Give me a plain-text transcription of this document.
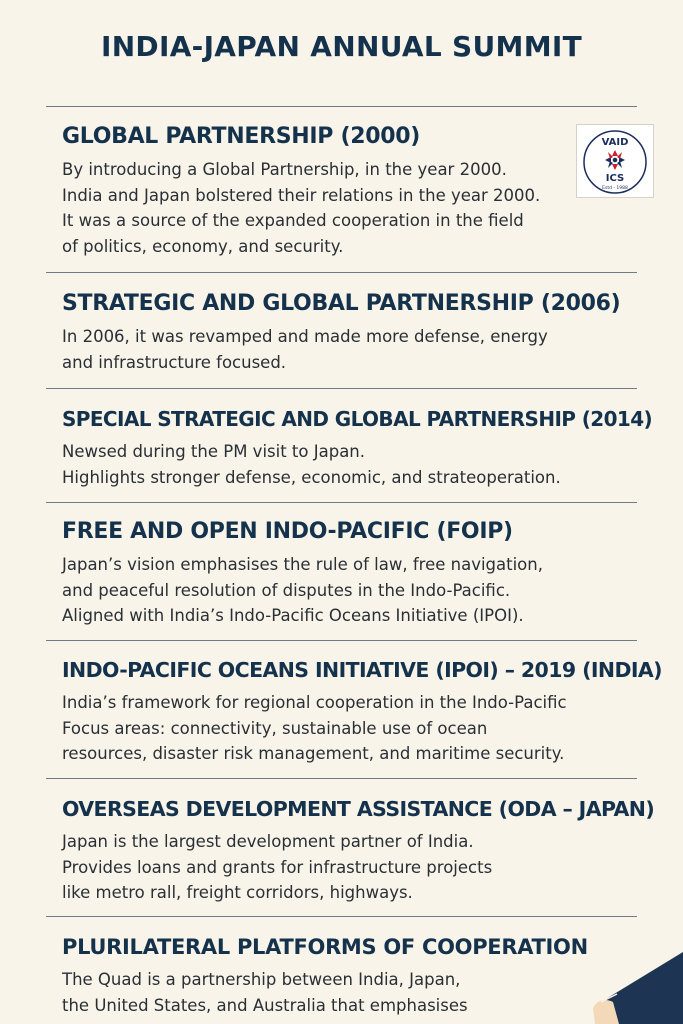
INDIA-JAPAN ANNUAL SUMMIT
GLOBAL PARTNERSHIP (2000)
By introducing a Global Partnership, in the year 2000.
India and Japan bolstered their relations in the year 2000.
It was a source of the expanded cooperation in the field
of politics, economy, and security.
VAID
ICS
Estd - 1988
STRATEGIC AND GLOBAL PARTNERSHIP (2006)
In 2006, it was revamped and made more defense, energy
and infrastructure focused.
SPECIAL STRATEGIC AND GLOBAL PARTNERSHIP (2014)
Newsed during the PM visit to Japan.
Highlights stronger defense, economic, and strateoperation.
FREE AND OPEN INDO-PACIFIC (FOIP)
Japan’s vision emphasises the rule of law, free navigation,
and peaceful resolution of disputes in the Indo-Pacific.
Aligned with India’s Indo-Pacific Oceans Initiative (IPOI).
INDO-PACIFIC OCEANS INITIATIVE (IPOI) – 2019 (INDIA)
India’s framework for regional cooperation in the Indo-Pacific
Focus areas: connectivity, sustainable use of ocean
resources, disaster risk management, and maritime security.
OVERSEAS DEVELOPMENT ASSISTANCE (ODA – JAPAN)
Japan is the largest development partner of India.
Provides loans and grants for infrastructure projects
like metro rall, freight corridors, highways.
PLURILATERAL PLATFORMS OF COOPERATION
The Quad is a partnership between India, Japan,
the United States, and Australia that emphasises
